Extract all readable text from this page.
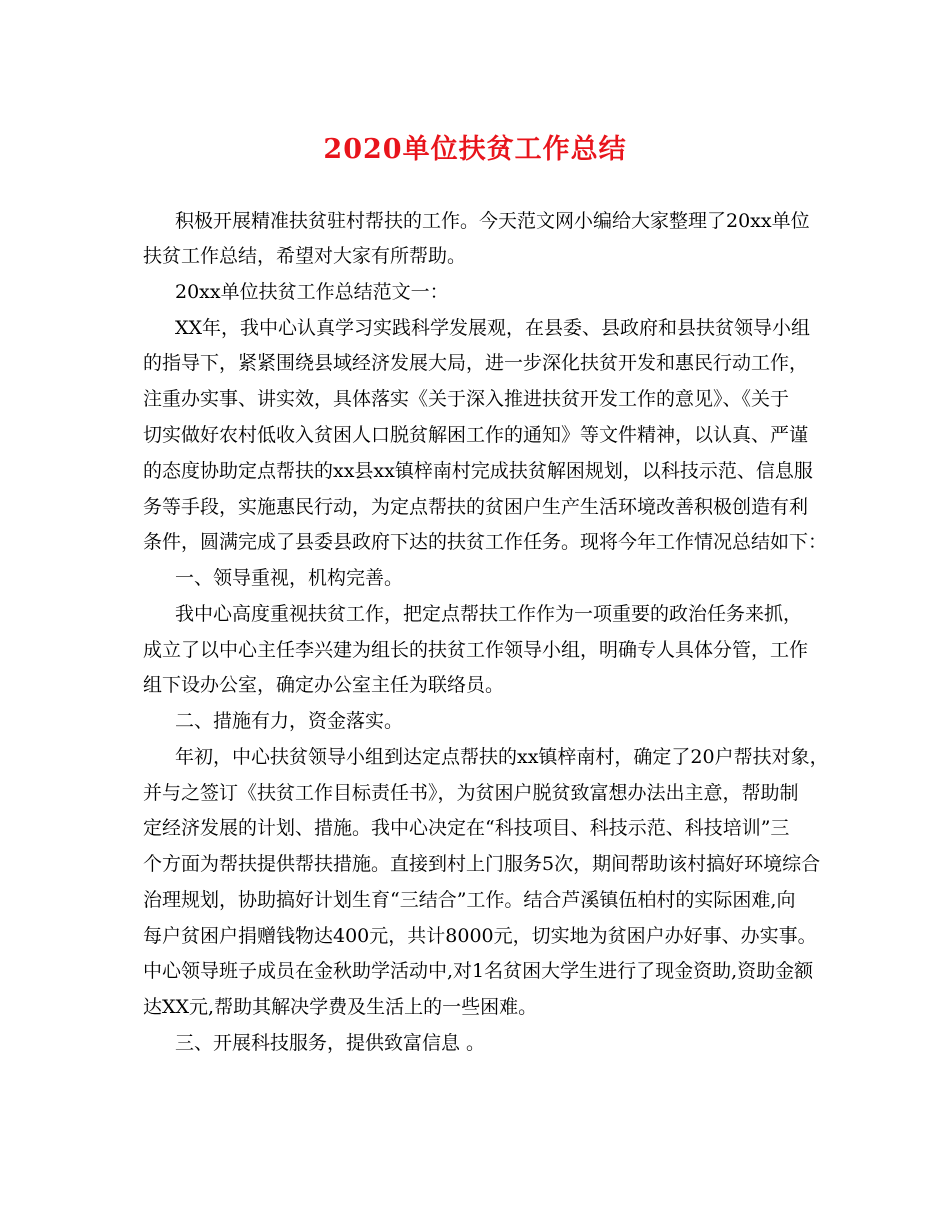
2020单位扶贫工作总结
积极开展精准扶贫驻村帮扶的工作。今天范文网小编给大家整理了20xx单位
扶贫工作总结，希望对大家有所帮助。
20xx单位扶贫工作总结范文一：
XX年，我中心认真学习实践科学发展观，在县委、县政府和县扶贫领导小组
的指导下，紧紧围绕县域经济发展大局，进一步深化扶贫开发和惠民行动工作，
注重办实事、讲实效，具体落实《关于深入推进扶贫开发工作的意见》、《关于
切实做好农村低收入贫困人口脱贫解困工作的通知》等文件精神，以认真、严谨
的态度协助定点帮扶的xx县xx镇梓南村完成扶贫解困规划，以科技示范、信息服
务等手段，实施惠民行动，为定点帮扶的贫困户生产生活环境改善积极创造有利
条件，圆满完成了县委县政府下达的扶贫工作任务。现将今年工作情况总结如下：
一、领导重视，机构完善。
我中心高度重视扶贫工作，把定点帮扶工作作为一项重要的政治任务来抓，
成立了以中心主任李兴建为组长的扶贫工作领导小组，明确专人具体分管，工作
组下设办公室，确定办公室主任为联络员。
二、措施有力，资金落实。
年初，中心扶贫领导小组到达定点帮扶的xx镇梓南村，确定了20户帮扶对象，
并与之签订《扶贫工作目标责任书》，为贫困户脱贫致富想办法出主意，帮助制
定经济发展的计划、措施。我中心决定在“科技项目、科技示范、科技培训”三
个方面为帮扶提供帮扶措施。直接到村上门服务5次，期间帮助该村搞好环境综合
治理规划，协助搞好计划生育“三结合”工作。结合芦溪镇伍柏村的实际困难,向
每户贫困户捐赠钱物达400元，共计8000元，切实地为贫困户办好事、办实事。
中心领导班子成员在金秋助学活动中,对1名贫困大学生进行了现金资助,资助金额
达XX元,帮助其解决学费及生活上的一些困难。
三、开展科技服务，提供致富信息 。
